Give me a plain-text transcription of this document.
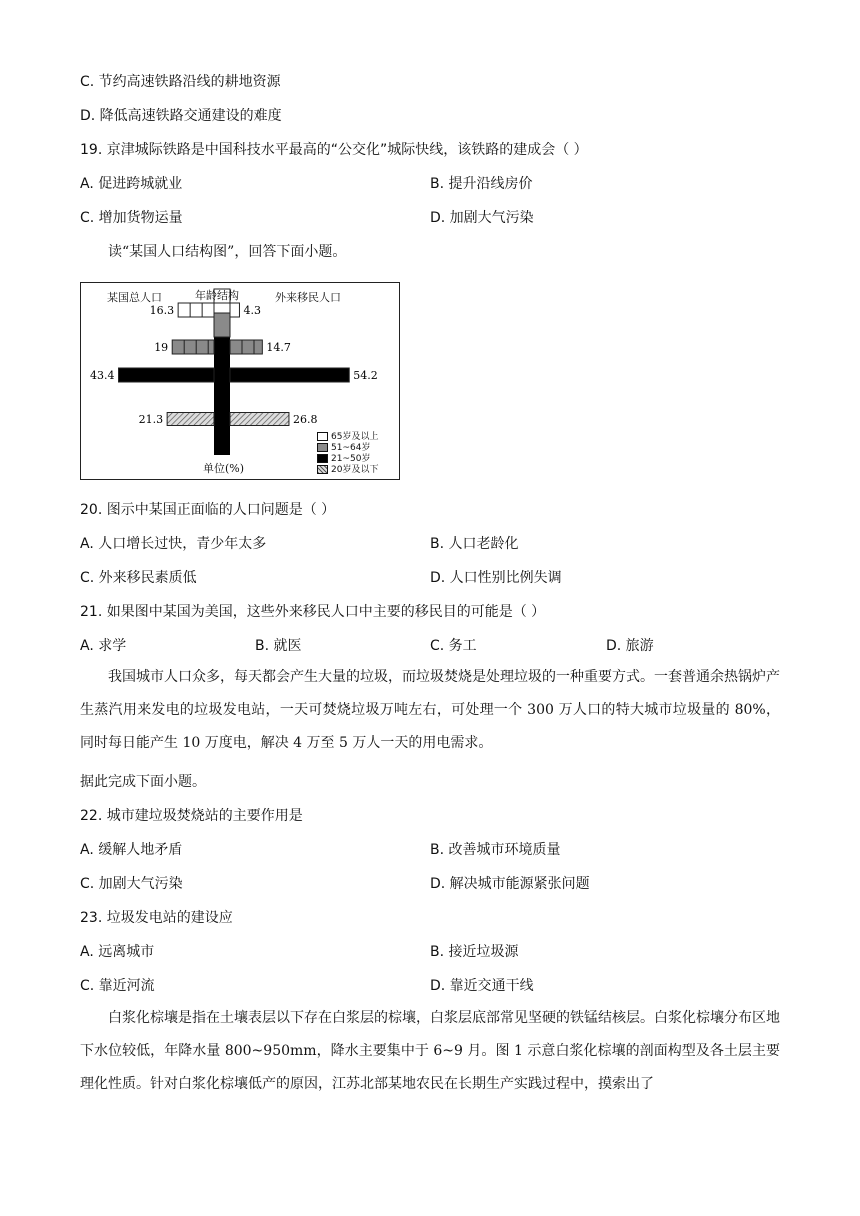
C. 节约高速铁路沿线的耕地资源
D. 降低高速铁路交通建设的难度
19. 京津城际铁路是中国科技水平最高的“公交化”城际快线，该铁路的建成会（ ）
A. 促进跨城就业	B. 提升沿线房价
C. 增加货物运量	D. 加剧大气污染
读“某国人口结构图”，回答下面小题。
16.3	4.3
19	14.7
43.4	54.2
21.3	26.8
某国总人口	年龄结构	外来移民人口
单位(%)
65岁及以上
51~64岁
21~50岁
20岁及以下
20. 图示中某国正面临的人口问题是（ ）
A. 人口增长过快，青少年太多	B. 人口老龄化
C. 外来移民素质低	D. 人口性别比例失调
21. 如果图中某国为美国，这些外来移民人口中主要的移民目的可能是（ ）
A. 求学	B. 就医	C. 务工	D. 旅游
我国城市人口众多，每天都会产生大量的垃圾，而垃圾焚烧是处理垃圾的一种重要方式。一套普通余热锅炉产生蒸汽用来发电的垃圾发电站，一天可焚烧垃圾万吨左右，可处理一个 300 万人口的特大城市垃圾量的 80%，同时每日能产生 10 万度电，解决 4 万至 5 万人一天的用电需求。
据此完成下面小题。
22. 城市建垃圾焚烧站的主要作用是
A. 缓解人地矛盾	B. 改善城市环境质量
C. 加剧大气污染	D. 解决城市能源紧张问题
23. 垃圾发电站的建设应
A. 远离城市	B. 接近垃圾源
C. 靠近河流	D. 靠近交通干线
白浆化棕壤是指在土壤表层以下存在白浆层的棕壤，白浆层底部常见坚硬的铁锰结核层。白浆化棕壤分布区地下水位较低，年降水量 800~950mm，降水主要集中于 6~9 月。图 1 示意白浆化棕壤的剖面构型及各土层主要理化性质。针对白浆化棕壤低产的原因，江苏北部某地农民在长期生产实践过程中，摸索出了
